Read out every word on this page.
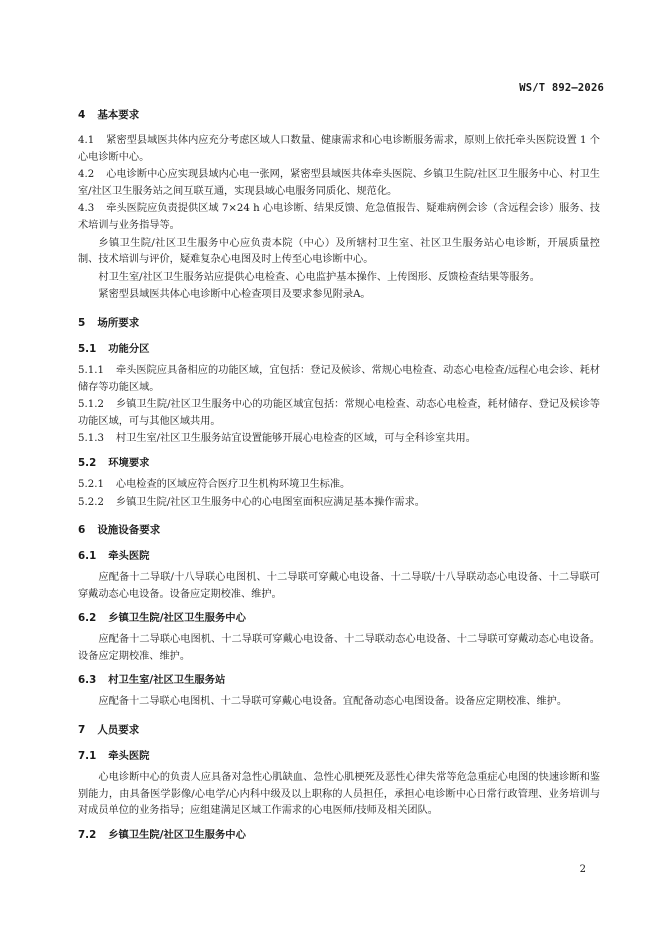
WS/T 892—2026
4 基本要求

4.1 紧密型县域医共体内应充分考虑区域人口数量、健康需求和心电诊断服务需求，原则上依托牵头医院设置 1 个心电诊断中心。

4.2 心电诊断中心应实现县域内心电一张网，紧密型县域医共体牵头医院、乡镇卫生院/社区卫生服务中心、村卫生室/社区卫生服务站之间互联互通，实现县域心电服务同质化、规范化。

4.3 牵头医院应负责提供区域 7×24 h 心电诊断、结果反馈、危急值报告、疑难病例会诊（含远程会诊）服务、技术培训与业务指导等。

乡镇卫生院/社区卫生服务中心应负责本院（中心）及所辖村卫生室、社区卫生服务站心电诊断，开展质量控制、技术培训与评价，疑难复杂心电图及时上传至心电诊断中心。

村卫生室/社区卫生服务站应提供心电检查、心电监护基本操作、上传图形、反馈检查结果等服务。

紧密型县域医共体心电诊断中心检查项目及要求参见附录A。

5 场所要求
5.1 功能分区

5.1.1 牵头医院应具备相应的功能区域，宜包括：登记及候诊、常规心电检查、动态心电检查/远程心电会诊、耗材储存等功能区域。

5.1.2 乡镇卫生院/社区卫生服务中心的功能区域宜包括：常规心电检查、动态心电检查，耗材储存、登记及候诊等功能区域，可与其他区域共用。

5.1.3 村卫生室/社区卫生服务站宜设置能够开展心电检查的区域，可与全科诊室共用。

5.2 环境要求

5.2.1 心电检查的区域应符合医疗卫生机构环境卫生标准。

5.2.2 乡镇卫生院/社区卫生服务中心的心电图室面积应满足基本操作需求。

6 设施设备要求
6.1 牵头医院

应配备十二导联/十八导联心电图机、十二导联可穿戴心电设备、十二导联/十八导联动态心电设备、十二导联可穿戴动态心电设备。设备应定期校准、维护。

6.2 乡镇卫生院/社区卫生服务中心

应配备十二导联心电图机、十二导联可穿戴心电设备、十二导联动态心电设备、十二导联可穿戴动态心电设备。设备应定期校准、维护。

6.3 村卫生室/社区卫生服务站

应配备十二导联心电图机、十二导联可穿戴心电设备。宜配备动态心电图设备。设备应定期校准、维护。

7 人员要求
7.1 牵头医院

心电诊断中心的负责人应具备对急性心肌缺血、急性心肌梗死及恶性心律失常等危急重症心电图的快速诊断和鉴别能力，由具备医学影像/心电学/心内科中级及以上职称的人员担任，承担心电诊断中心日常行政管理、业务培训与对成员单位的业务指导；应组建满足区域工作需求的心电医师/技师及相关团队。

7.2 乡镇卫生院/社区卫生服务中心
2
